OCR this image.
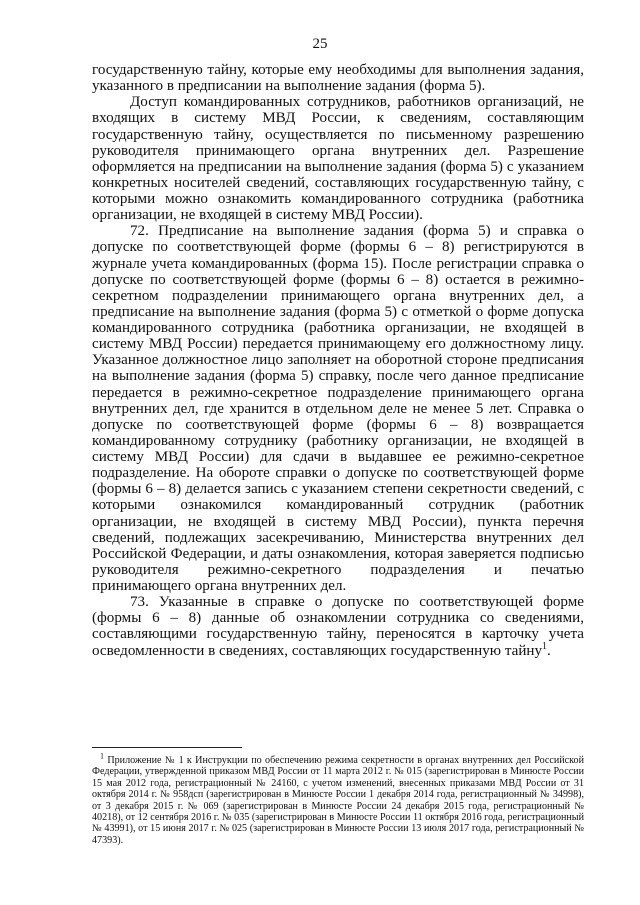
25

государственную тайну, которые ему необходимы для выполнения задания, указанного в предписании на выполнение задания (форма 5).

Доступ командированных сотрудников, работников организаций, не входящих в систему МВД России, к сведениям, составляющим государственную тайну, осуществляется по письменному разрешению руководителя принимающего органа внутренних дел. Разрешение оформляется на предписании на выполнение задания (форма 5) с указанием конкретных носителей сведений, составляющих государственную тайну, с которыми можно ознакомить командированного сотрудника (работника организации, не входящей в систему МВД России).

72. Предписание на выполнение задания (форма 5) и справка о допуске по соответствующей форме (формы 6 – 8) регистрируются в журнале учета командированных (форма 15). После регистрации справка о допуске по соответствующей форме (формы 6 – 8) остается в режимно-секретном подразделении принимающего органа внутренних дел, а предписание на выполнение задания (форма 5) с отметкой о форме допуска командированного сотрудника (работника организации, не входящей в систему МВД России) передается принимающему его должностному лицу. Указанное должностное лицо заполняет на оборотной стороне предписания на выполнение задания (форма 5) справку, после чего данное предписание передается в режимно-секретное подразделение принимающего органа внутренних дел, где хранится в отдельном деле не менее 5 лет. Справка о допуске по соответствующей форме (формы 6 – 8) возвращается командированному сотруднику (работнику организации, не входящей в систему МВД России) для сдачи в выдавшее ее режимно-секретное подразделение. На обороте справки о допуске по соответствующей форме (формы 6 – 8) делается запись с указанием степени секретности сведений, с которыми ознакомился командированный сотрудник (работник организации, не входящей в систему МВД России), пункта перечня сведений, подлежащих засекречиванию, Министерства внутренних дел Российской Федерации, и даты ознакомления, которая заверяется подписью руководителя режимно-секретного подразделения и печатью принимающего органа внутренних дел.

73. Указанные в справке о допуске по соответствующей форме (формы 6 – 8) данные об ознакомлении сотрудника со сведениями, составляющими государственную тайну, переносятся в карточку учета осведомленности в сведениях, составляющих государственную тайну$^1$.

$^1$ Приложение № 1 к Инструкции по обеспечению режима секретности в органах внутренних дел Российской Федерации, утвержденной приказом МВД России от 11 марта 2012 г. № 015 (зарегистрирован в Минюсте России 15 мая 2012 года, регистрационный № 24160, с учетом изменений, внесенных приказами МВД России от 31 октября 2014 г. № 958дсп (зарегистрирован в Минюсте России 1 декабря 2014 года, регистрационный № 34998), от 3 декабря 2015 г. № 069 (зарегистрирован в Минюсте России 24 декабря 2015 года, регистрационный № 40218), от 12 сентября 2016 г. № 035 (зарегистрирован в Минюсте России 11 октября 2016 года, регистрационный № 43991), от 15 июня 2017 г. № 025 (зарегистрирован в Минюсте России 13 июля 2017 года, регистрационный № 47393).
